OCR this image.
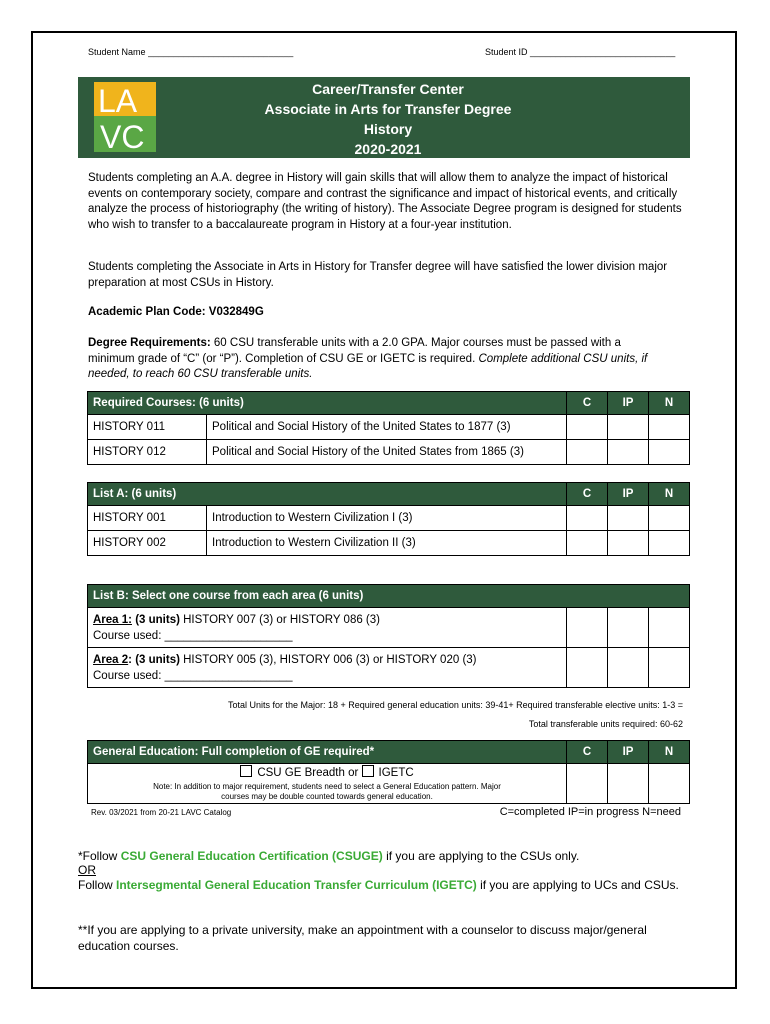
Student Name _____________________________	Student ID _____________________________
LA
VC
Career/Transfer Center
Associate in Arts for Transfer Degree
History
2020-2021
Students completing an A.A. degree in History will gain skills that will allow them to analyze the impact of historical events on contemporary society, compare and contrast the significance and impact of historical events, and critically analyze the process of historiography (the writing of history). The Associate Degree program is designed for students who wish to transfer to a baccalaureate program in History at a four-year institution.
Students completing the Associate in Arts in History for Transfer degree will have satisfied the lower division major preparation at most CSUs in History.
Academic Plan Code: V032849G
Degree Requirements: 60 CSU transferable units with a 2.0 GPA. Major courses must be passed with a minimum grade of “C” (or “P”). Completion of CSU GE or IGETC is required. Complete additional CSU units, if needed, to reach 60 CSU transferable units.
Required Courses: (6 units)		C	IP	N
HISTORY 011	Political and Social History of the United States to 1877 (3)			
HISTORY 012	Political and Social History of the United States from 1865 (3)			
List A: (6 units)		C	IP	N
HISTORY 001	Introduction to Western Civilization I (3)			
HISTORY 002	Introduction to Western Civilization II (3)			
List B: Select one course from each area (6 units)			
Area 1: (3 units) HISTORY 007 (3) or HISTORY 086 (3)
Course used: ____________________			
Area 2: (3 units) HISTORY 005 (3), HISTORY 006 (3) or HISTORY 020 (3)
Course used: ____________________			
Total Units for the Major: 18 + Required general education units: 39-41+ Required transferable elective units: 1-3 =
Total transferable units required: 60-62
General Education: Full completion of GE required*	C	IP	N

CSU GE Breadth or IGETC
Note: In addition to major requirement, students need to select a General Education pattern. Major
courses may be double counted towards general education.			

Rev. 03/2021 from 20-21 LAVC Catalog	C=completed IP=in progress N=need
*Follow CSU General Education Certification (CSUGE) if you are applying to the CSUs only.
OR
Follow Intersegmental General Education Transfer Curriculum (IGETC) if you are applying to UCs and CSUs.
**If you are applying to a private university, make an appointment with a counselor to discuss major/general education courses.
